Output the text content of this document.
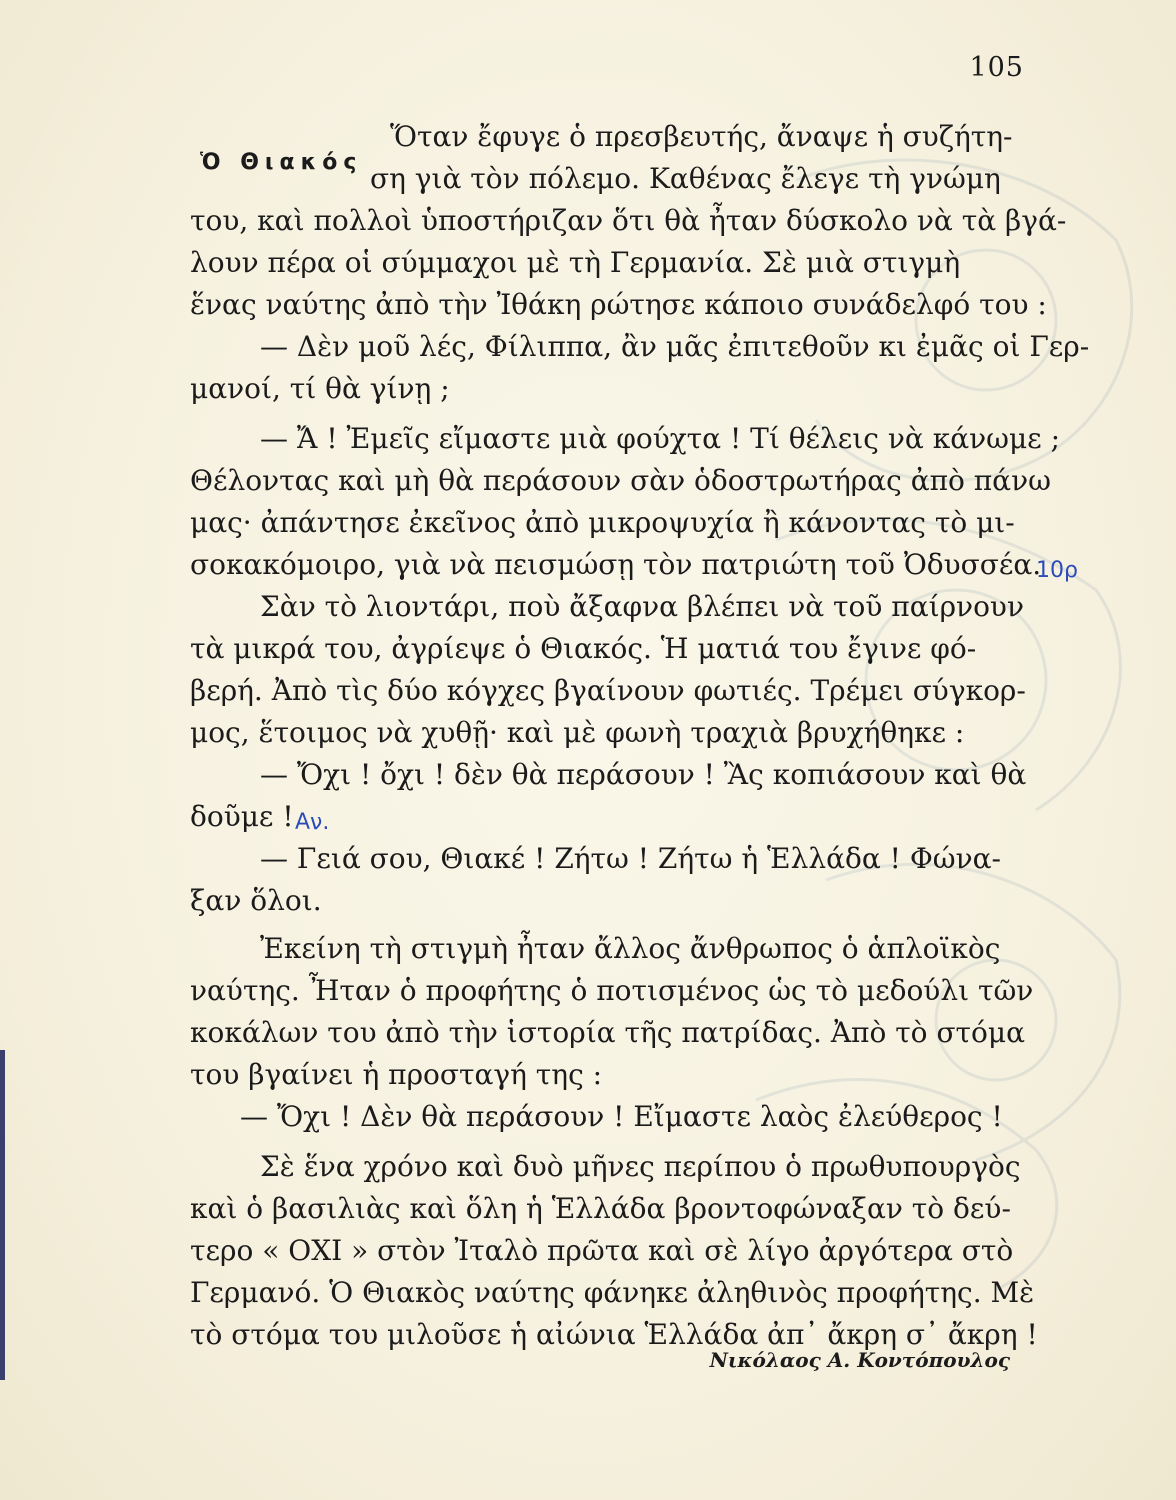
105
Ὁ Θιακός
Ὅταν ἔφυγε ὁ πρεσβευτής, ἄναψε ἡ συζήτη-
ση γιὰ τὸν πόλεμο. Καθένας ἔλεγε τὴ γνώμη
του, καὶ πολλοὶ ὑποστήριζαν ὅτι θὰ ἦταν δύσκολο νὰ τὰ βγά-
λουν πέρα οἱ σύμμαχοι μὲ τὴ Γερμανία. Σὲ μιὰ στιγμὴ
ἕνας ναύτης ἀπὸ τὴν Ἰθάκη ρώτησε κάποιο συνάδελφό του :
— Δὲν μοῦ λές, Φίλιππα, ἂν μᾶς ἐπιτεθοῦν κι ἐμᾶς οἱ Γερ-
μανοί, τί θὰ γίνῃ ;
— Ἄ ! Ἐμεῖς εἴμαστε μιὰ φούχτα ! Τί θέλεις νὰ κάνωμε ;
Θέλοντας καὶ μὴ θὰ περάσουν σὰν ὁδοστρωτήρας ἀπὸ πάνω
μας· ἀπάντησε ἐκεῖνος ἀπὸ μικροψυχία ἢ κάνοντας τὸ μι-
σοκακόμοιρο, γιὰ νὰ πεισμώσῃ τὸν πατριώτη τοῦ Ὀδυσσέα.
Σὰν τὸ λιοντάρι, ποὺ ἄξαφνα βλέπει νὰ τοῦ παίρνουν
τὰ μικρά του, ἀγρίεψε ὁ Θιακός. Ἡ ματιά του ἔγινε φό-
βερή. Ἀπὸ τὶς δύο κόγχες βγαίνουν φωτιές. Τρέμει σύγκορ-
μος, ἕτοιμος νὰ χυθῇ· καὶ μὲ φωνὴ τραχιὰ βρυχήθηκε :
— Ὄχι ! ὄχι ! δὲν θὰ περάσουν ! Ἂς κοπιάσουν καὶ θὰ
δοῦμε !
— Γειά σου, Θιακέ ! Ζήτω ! Ζήτω ἡ Ἑλλάδα ! Φώνα-
ξαν ὅλοι.
Ἐκείνη τὴ στιγμὴ ἦταν ἄλλος ἄνθρωπος ὁ ἁπλοϊκὸς
ναύτης. Ἦταν ὁ προφήτης ὁ ποτισμένος ὡς τὸ μεδούλι τῶν
κοκάλων του ἀπὸ τὴν ἱστορία τῆς πατρίδας. Ἀπὸ τὸ στόμα
του βγαίνει ἡ προσταγή της :
— Ὄχι ! Δὲν θὰ περάσουν ! Εἴμαστε λαὸς ἐλεύθερος !
Σὲ ἕνα χρόνο καὶ δυὸ μῆνες περίπου ὁ πρωθυπουργὸς
καὶ ὁ βασιλιὰς καὶ ὅλη ἡ Ἑλλάδα βροντοφώναξαν τὸ δεύ-
τερο « ΟΧΙ » στὸν Ἰταλὸ πρῶτα καὶ σὲ λίγο ἀργότερα στὸ
Γερμανό. Ὁ Θιακὸς ναύτης φάνηκε ἀληθινὸς προφήτης. Μὲ
τὸ στόμα του μιλοῦσε ἡ αἰώνια Ἑλλάδα ἀπ᾽ ἄκρη σ᾽ ἄκρη !
10ρ
Αν.
Νικόλαος Α. Κοντόπουλος
